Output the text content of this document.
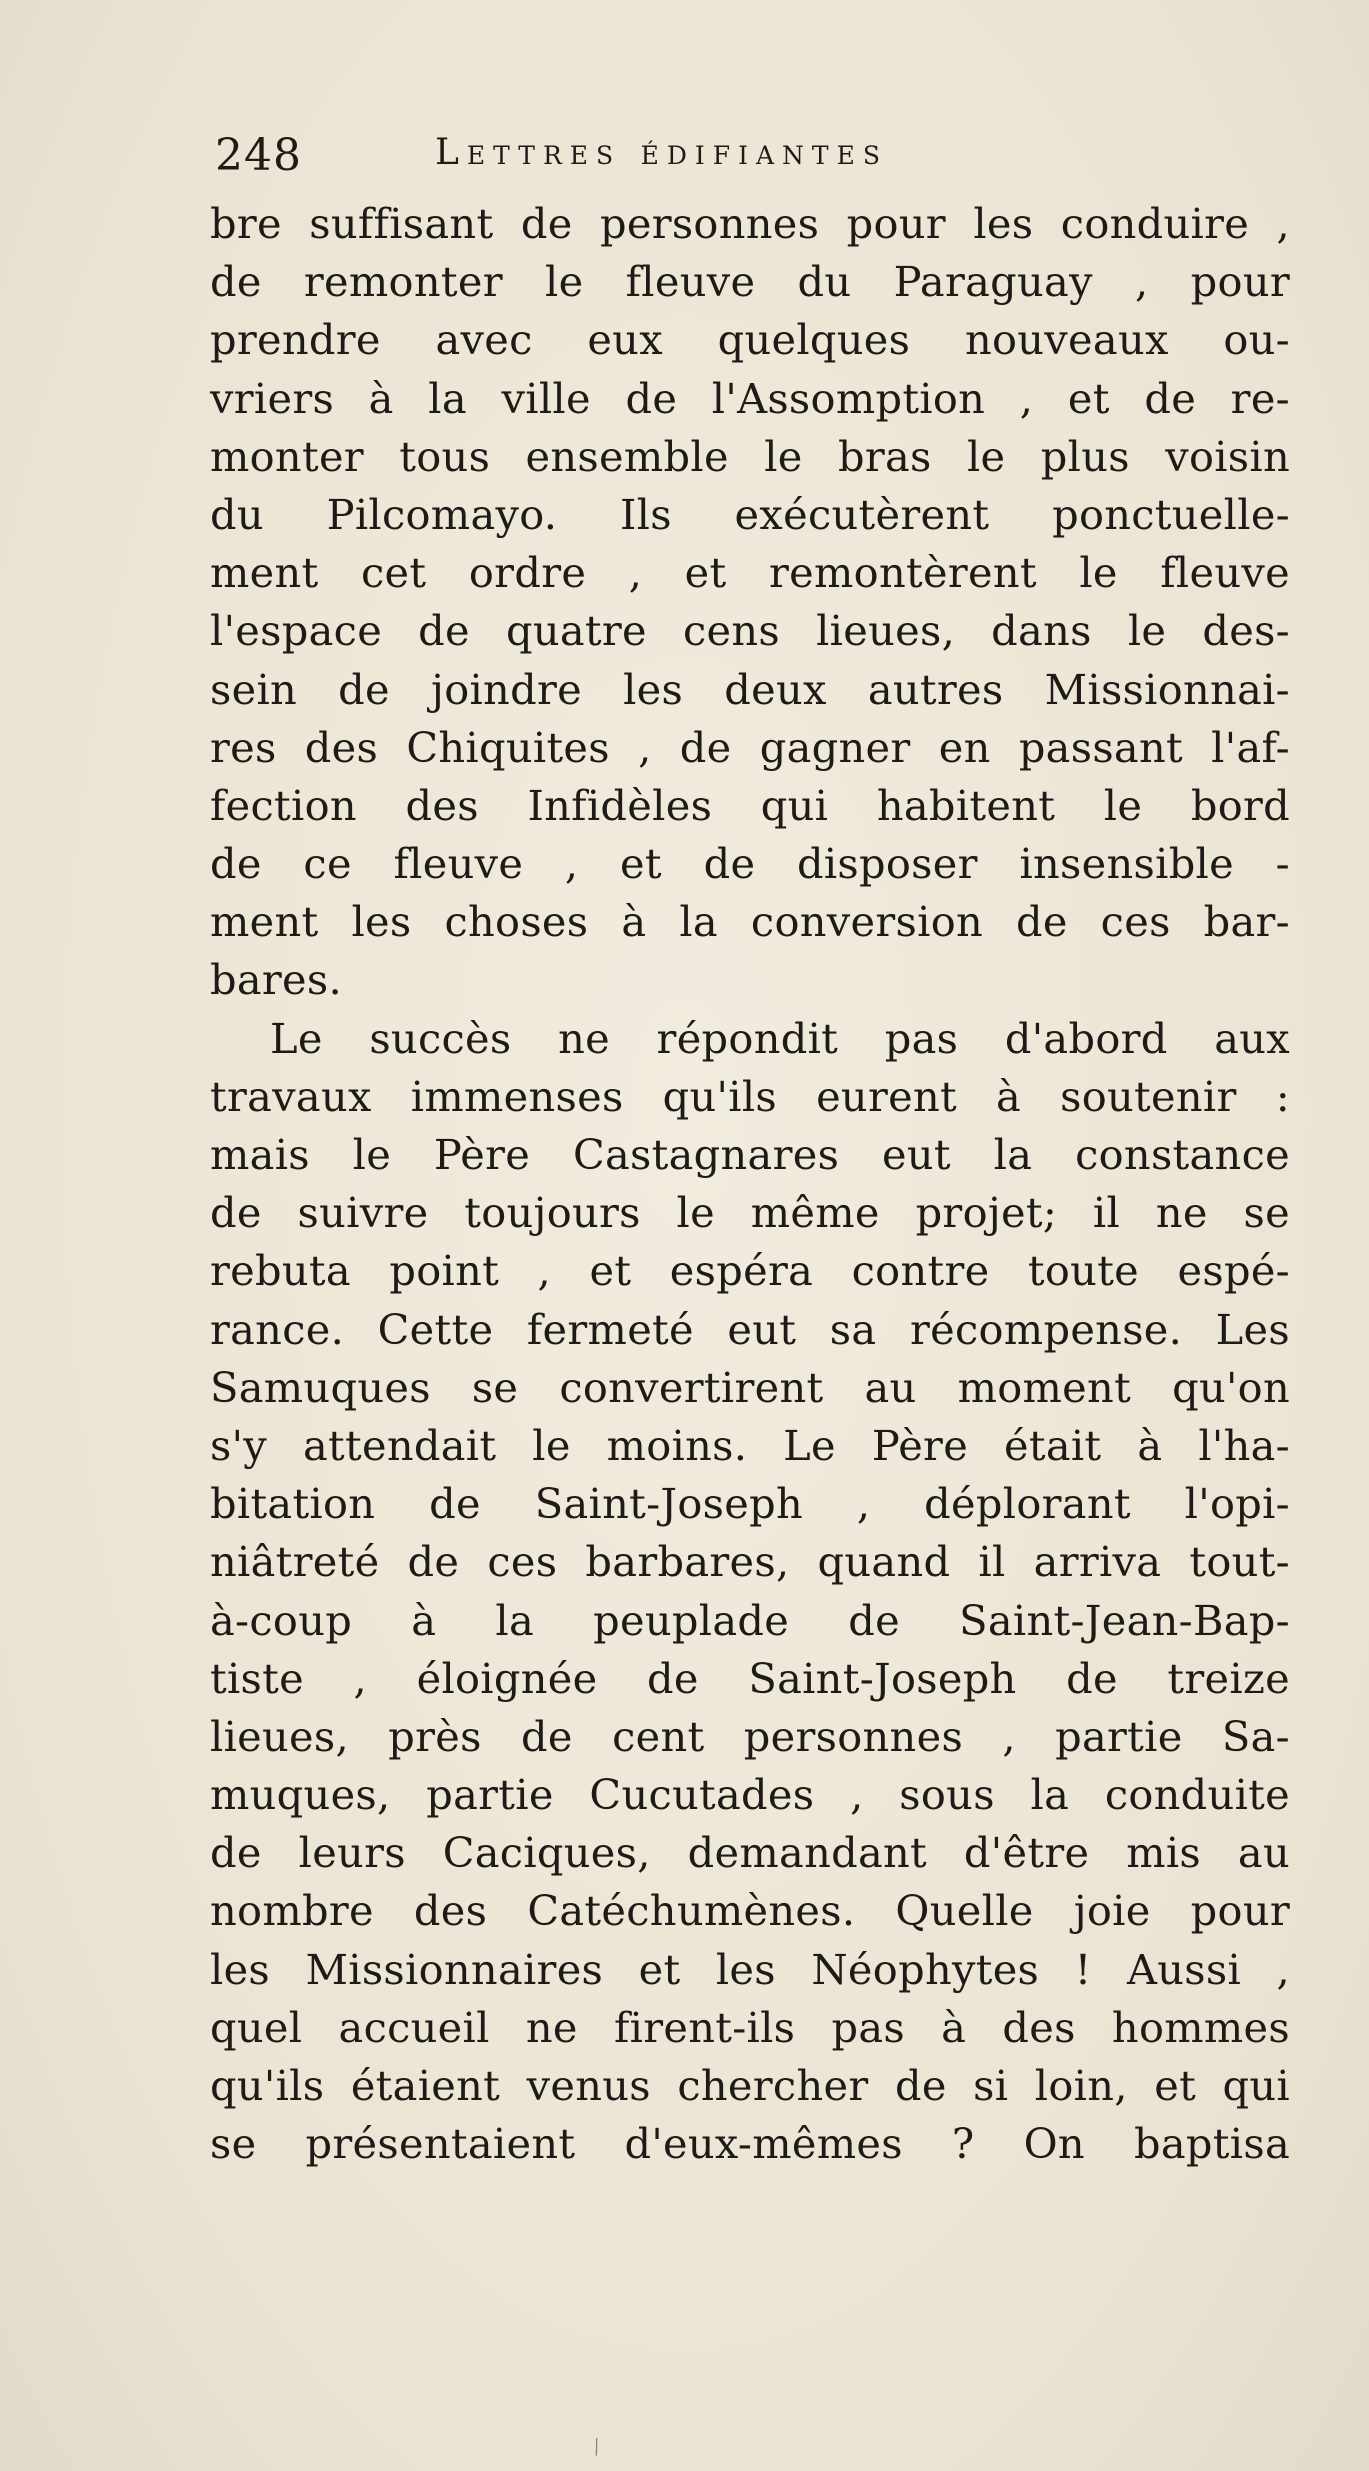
248	Lettres édifiantes
bre suffisant de personnes pour les conduire ,
de remonter le fleuve du Paraguay , pour
prendre avec eux quelques nouveaux ou-
vriers à la ville de l'Assomption , et de re-
monter tous ensemble le bras le plus voisin
du Pilcomayo. Ils exécutèrent ponctuelle-
ment cet ordre , et remontèrent le fleuve
l'espace de quatre cens lieues, dans le des-
sein de joindre les deux autres Missionnai-
res des Chiquites , de gagner en passant l'af-
fection des Infidèles qui habitent le bord
de ce fleuve , et de disposer insensible -
ment les choses à la conversion de ces bar-
bares.
Le succès ne répondit pas d'abord aux
travaux immenses qu'ils eurent à soutenir :
mais le Père Castagnares eut la constance
de suivre toujours le même projet; il ne se
rebuta point , et espéra contre toute espé-
rance. Cette fermeté eut sa récompense. Les
Samuques se convertirent au moment qu'on
s'y attendait le moins. Le Père était à l'ha-
bitation de Saint-Joseph , déplorant l'opi-
niâtreté de ces barbares, quand il arriva tout-
à-coup à la peuplade de Saint-Jean-Bap-
tiste , éloignée de Saint-Joseph de treize
lieues, près de cent personnes , partie Sa-
muques, partie Cucutades , sous la conduite
de leurs Caciques, demandant d'être mis au
nombre des Catéchumènes. Quelle joie pour
les Missionnaires et les Néophytes ! Aussi ,
quel accueil ne firent-ils pas à des hommes
qu'ils étaient venus chercher de si loin, et qui
se présentaient d'eux-mêmes ? On baptisa
⁄
